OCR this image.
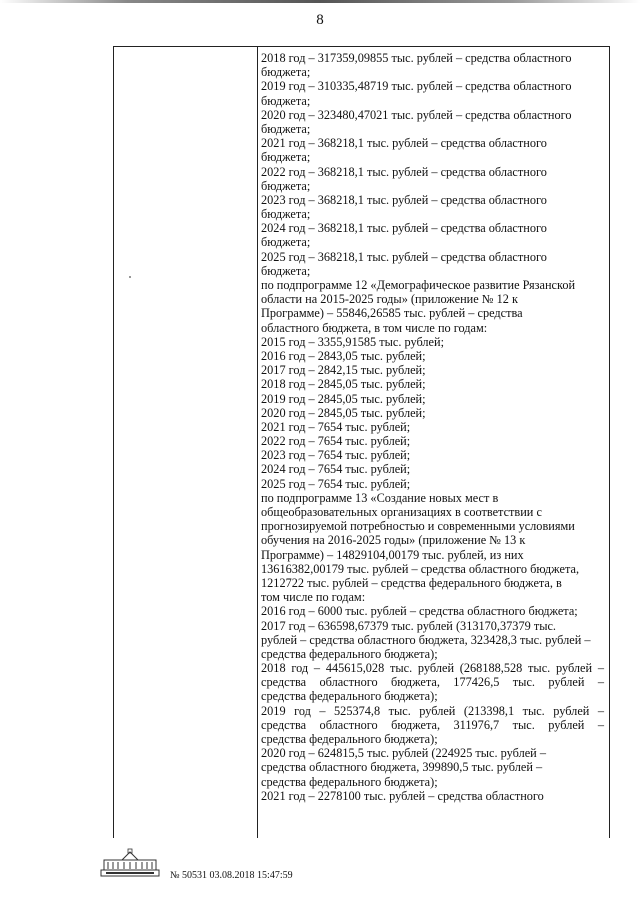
8
2018 год – 317359,09855 тыс. рублей – средства областного
бюджета;
2019 год – 310335,48719 тыс. рублей – средства областного
бюджета;
2020 год – 323480,47021 тыс. рублей – средства областного
бюджета;
2021 год – 368218,1 тыс. рублей – средства областного
бюджета;
2022 год – 368218,1 тыс. рублей – средства областного
бюджета;
2023 год – 368218,1 тыс. рублей – средства областного
бюджета;
2024 год – 368218,1 тыс. рублей – средства областного
бюджета;
2025 год – 368218,1 тыс. рублей – средства областного
бюджета;
по подпрограмме 12 «Демографическое развитие Рязанской
области на 2015-2025 годы» (приложение № 12 к
Программе) – 55846,26585 тыс. рублей – средства
областного бюджета, в том числе по годам:
2015 год – 3355,91585 тыс. рублей;
2016 год – 2843,05 тыс. рублей;
2017 год – 2842,15 тыс. рублей;
2018 год – 2845,05 тыс. рублей;
2019 год – 2845,05 тыс. рублей;
2020 год – 2845,05 тыс. рублей;
2021 год – 7654 тыс. рублей;
2022 год – 7654 тыс. рублей;
2023 год – 7654 тыс. рублей;
2024 год – 7654 тыс. рублей;
2025 год – 7654 тыс. рублей;
по подпрограмме 13 «Создание новых мест в
общеобразовательных организациях в соответствии с
прогнозируемой потребностью и современными условиями
обучения на 2016-2025 годы» (приложение № 13 к
Программе) – 14829104,00179 тыс. рублей, из них
13616382,00179 тыс. рублей – средства областного бюджета,
1212722 тыс. рублей – средства федерального бюджета, в
том числе по годам:
2016 год – 6000 тыс. рублей – средства областного бюджета;
2017 год – 636598,67379 тыс. рублей (313170,37379 тыс.
рублей – средства областного бюджета, 323428,3 тыс. рублей –
средства федерального бюджета);
2018 год – 445615,028 тыс. рублей (268188,528 тыс. рублей –
средства областного бюджета, 177426,5 тыс. рублей –
средства федерального бюджета);
2019 год – 525374,8 тыс. рублей (213398,1 тыс. рублей –
средства областного бюджета, 311976,7 тыс. рублей –
средства федерального бюджета);
2020 год – 624815,5 тыс. рублей (224925 тыс. рублей –
средства областного бюджета, 399890,5 тыс. рублей –
средства федерального бюджета);
2021 год – 2278100 тыс. рублей – средства областного
№ 50531 03.08.2018 15:47:59
